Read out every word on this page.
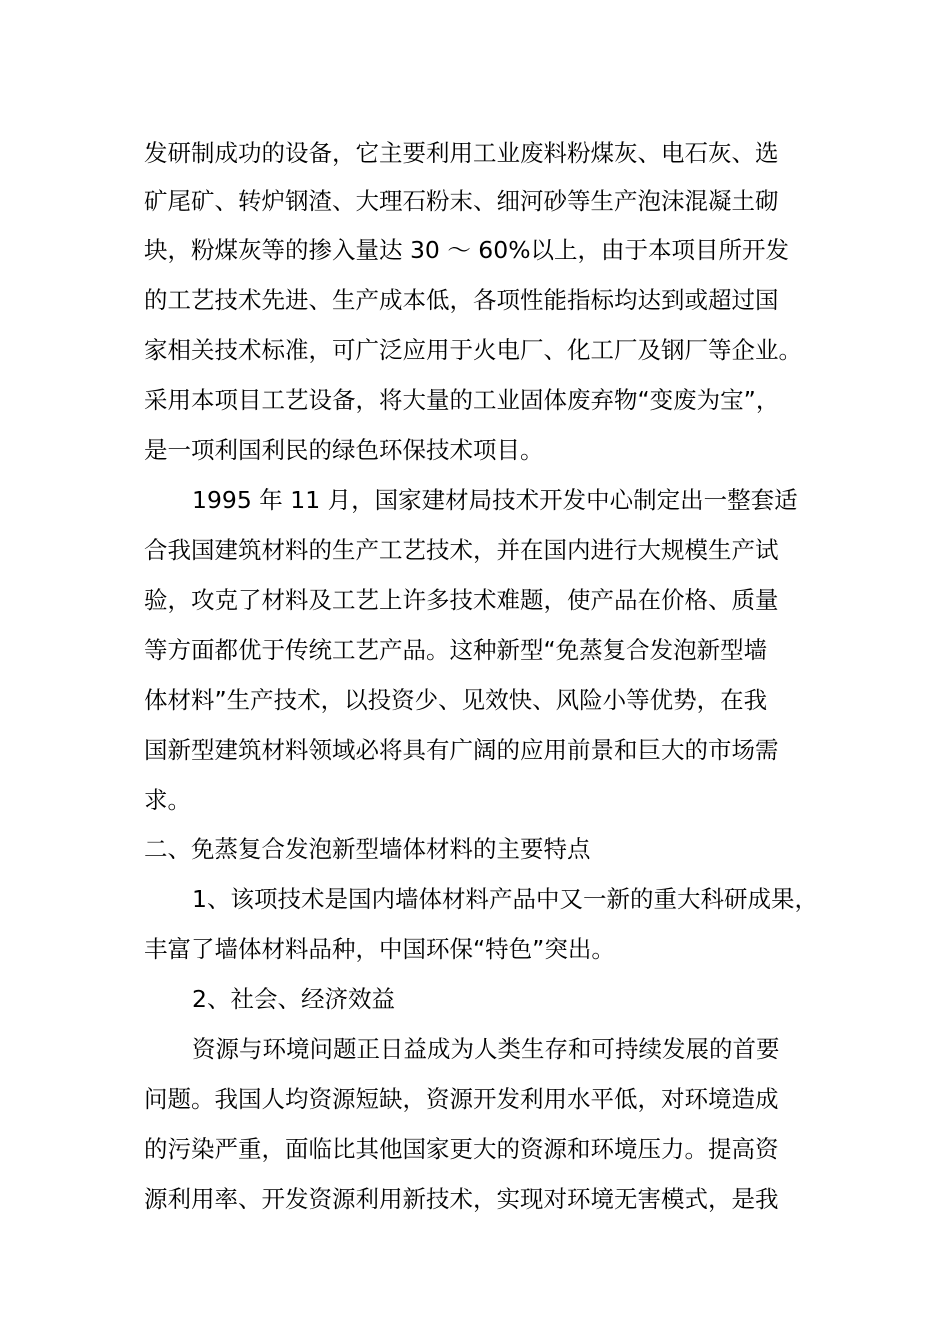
发研制成功的设备，它主要利用工业废料粉煤灰、电石灰、选
矿尾矿、转炉钢渣、大理石粉末、细河砂等生产泡沫混凝土砌
块，粉煤灰等的掺入量达 30 ～ 60%以上，由于本项目所开发
的工艺技术先进、生产成本低，各项性能指标均达到或超过国
家相关技术标准，可广泛应用于火电厂、化工厂及钢厂等企业。
采用本项目工艺设备，将大量的工业固体废弃物“变废为宝”，
是一项利国利民的绿色环保技术项目。
1995 年 11 月，国家建材局技术开发中心制定出一整套适
合我国建筑材料的生产工艺技术，并在国内进行大规模生产试
验，攻克了材料及工艺上许多技术难题，使产品在价格、质量
等方面都优于传统工艺产品。这种新型“免蒸复合发泡新型墙
体材料”生产技术，以投资少、见效快、风险小等优势，在我
国新型建筑材料领域必将具有广阔的应用前景和巨大的市场需
求。
二、免蒸复合发泡新型墙体材料的主要特点
1、该项技术是国内墙体材料产品中又一新的重大科研成果，
丰富了墙体材料品种，中国环保“特色”突出。
2、社会、经济效益
资源与环境问题正日益成为人类生存和可持续发展的首要
问题。我国人均资源短缺，资源开发利用水平低，对环境造成
的污染严重，面临比其他国家更大的资源和环境压力。提高资
源利用率、开发资源利用新技术，实现对环境无害模式，是我
